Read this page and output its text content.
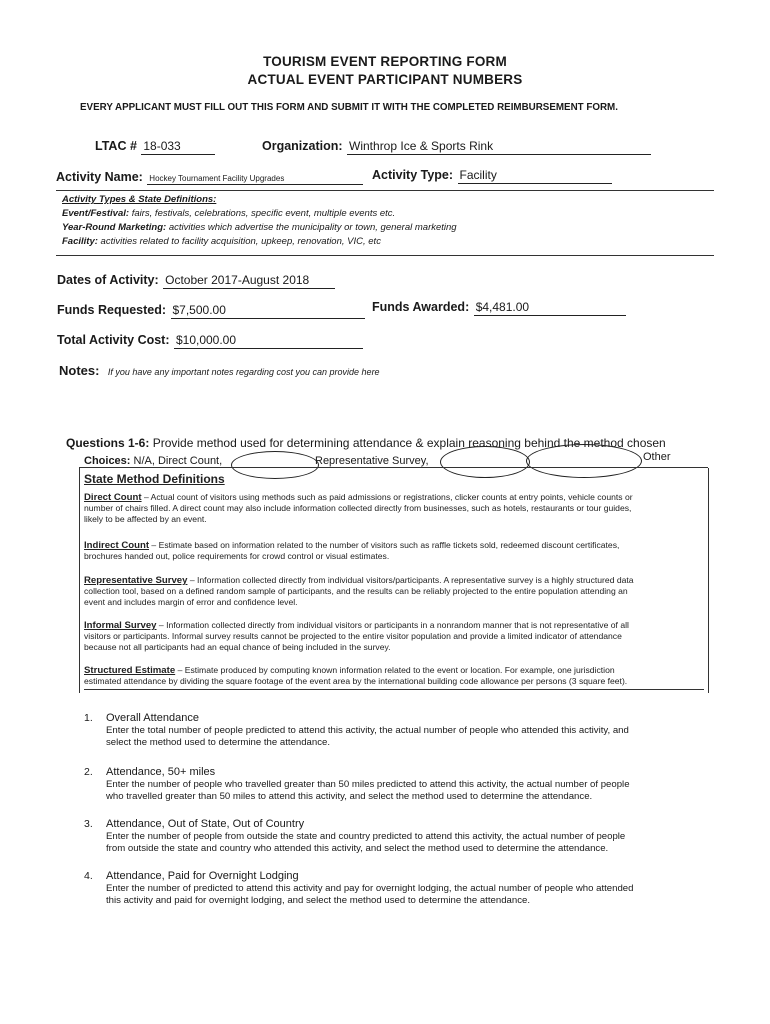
TOURISM EVENT REPORTING FORM
ACTUAL EVENT PARTICIPANT NUMBERS
EVERY APPLICANT MUST FILL OUT THIS FORM AND SUBMIT IT WITH THE COMPLETED REIMBURSEMENT FORM.
LTAC # 18-033	Organization: Winthrop Ice & Sports Rink
Activity Name: Hockey Tournament Facility Upgrades	Activity Type: Facility
Activity Types & State Definitions:
Event/Festival: fairs, festivals, celebrations, specific event, multiple events etc.
Year-Round Marketing: activities which advertise the municipality or town, general marketing
Facility: activities related to facility acquisition, upkeep, renovation, VIC, etc
Dates of Activity: October 2017-August 2018
Funds Requested: $7,500.00	Funds Awarded: $4,481.00
Total Activity Cost: $10,000.00
Notes: If you have any important notes regarding cost you can provide here
Questions 1-6: Provide method used for determining attendance & explain reasoning behind the method chosen
Choices: N/A, Direct Count,	Representative Survey,	Other
State Method Definitions
Direct Count – Actual count of visitors using methods such as paid admissions or registrations, clicker counts at entry points, vehicle counts or
number of chairs filled. A direct count may also include information collected directly from businesses, such as hotels, restaurants or tour guides,
likely to be affected by an event.
Indirect Count – Estimate based on information related to the number of visitors such as raffle tickets sold, redeemed discount certificates,
brochures handed out, police requirements for crowd control or visual estimates.
Representative Survey – Information collected directly from individual visitors/participants. A representative survey is a highly structured data
collection tool, based on a defined random sample of participants, and the results can be reliably projected to the entire population attending an
event and includes margin of error and confidence level.
Informal Survey – Information collected directly from individual visitors or participants in a nonrandom manner that is not representative of all
visitors or participants. Informal survey results cannot be projected to the entire visitor population and provide a limited indicator of attendance
because not all participants had an equal chance of being included in the survey.
Structured Estimate – Estimate produced by computing known information related to the event or location. For example, one jurisdiction
estimated attendance by dividing the square footage of the event area by the international building code allowance per persons (3 square feet).
1.	Overall Attendance
Enter the total number of people predicted to attend this activity, the actual number of people who attended this activity, and
select the method used to determine the attendance.
2.	Attendance, 50+ miles
Enter the number of people who travelled greater than 50 miles predicted to attend this activity, the actual number of people
who travelled greater than 50 miles to attend this activity, and select the method used to determine the attendance.
3.	Attendance, Out of State, Out of Country
Enter the number of people from outside the state and country predicted to attend this activity, the actual number of people
from outside the state and country who attended this activity, and select the method used to determine the attendance.
4.	Attendance, Paid for Overnight Lodging
Enter the number of predicted to attend this activity and pay for overnight lodging, the actual number of people who attended
this activity and paid for overnight lodging, and select the method used to determine the attendance.
